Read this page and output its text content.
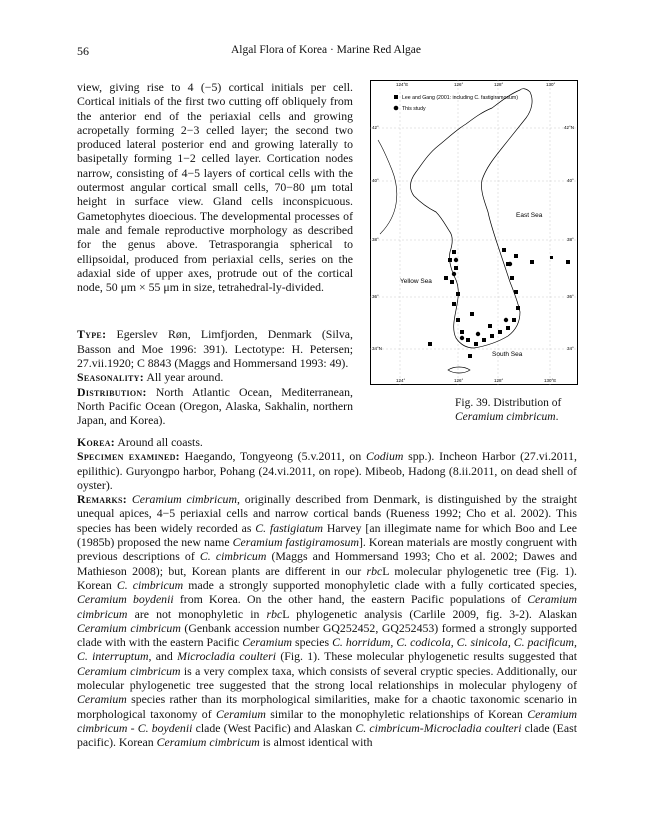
56	Algal Flora of Korea · Marine Red Algae

view, giving rise to 4 (−5) cortical initials per cell. Cortical initials of the first two cutting off obliquely from the anterior end of the periaxial cells and growing acropetally forming 2−3 celled layer; the second two produced lateral posterior end and growing laterally to basipetally forming 1−2 celled layer. Cortication nodes narrow, consisting of 4−5 layers of cortical cells with the outermost angular cortical small cells, 70−80 μm total height in surface view. Gland cells inconspicuous. Gametophytes dioecious. The developmental processes of male and female reproductive morphology as described for the genus above. Tetrasporangia spherical to ellipsoidal, produced from periaxial cells, series on the adaxial side of upper axes, protrude out of the cortical node, 50 μm × 55 μm in size, tetrahedral-ly-divided.

Type: Egerslev Røn, Limfjorden, Denmark (Silva, Basson and Moe 1996: 391). Lectotype: H. Petersen; 27.vii.1920; C 8843 (Maggs and Hommersand 1993: 49).

Seasonality: All year around.

Distribution: North Atlantic Ocean, Mediterranean, North Pacific Ocean (Oregon, Alaska, Sakhalin, northern Japan, and Korea).

124°E	126°	128°	130°
124°	126°	128°	130°E
42°
40°
38°
36°
34°N
42°N
40°
38°
36°
34°
Lee and Gang (2001: including C. fastigiramosum)
This study
East Sea
Yellow Sea
South Sea
Fig. 39. Distribution of Ceramium cimbricum.

Korea: Around all coasts.

Specimen examined: Haegando, Tongyeong (5.v.2011, on Codium spp.). Incheon Harbor (27.vi.2011, epilithic). Guryongpo harbor, Pohang (24.vi.2011, on rope). Mibeob, Hadong (8.ii.2011, on dead shell of oyster).

Remarks: Ceramium cimbricum, originally described from Denmark, is distinguished by the straight unequal apices, 4−5 periaxial cells and narrow cortical bands (Rueness 1992; Cho et al. 2002). This species has been widely recorded as C. fastigiatum Harvey [an illegimate name for which Boo and Lee (1985b) proposed the new name Ceramium fastigiramosum]. Korean materials are mostly congruent with previous descriptions of C. cimbricum (Maggs and Hommersand 1993; Cho et al. 2002; Dawes and Mathieson 2008); but, Korean plants are different in our rbcL molecular phylogenetic tree (Fig. 1). Korean C. cimbricum made a strongly supported monophyletic clade with a fully corticated species, Ceramium boydenii from Korea. On the other hand, the eastern Pacific populations of Ceramium cimbricum are not monophyletic in rbcL phylogenetic analysis (Carlile 2009, fig. 3-2). Alaskan Ceramium cimbricum (Genbank accession number GQ252452, GQ252453) formed a strongly supported clade with with the eastern Pacific Ceramium species C. horridum, C. codicola, C. sinicola, C. pacificum, C. interruptum, and Microcladia coulteri (Fig. 1). These molecular phylogenetic results suggested that Ceramium cimbricum is a very complex taxa, which consists of several cryptic species. Additionally, our molecular phylogenetic tree suggested that the strong local relationships in molecular phylogeny of Ceramium species rather than its morphological similarities, make for a chaotic taxonomic scenario in morphological taxonomy of Ceramium similar to the monophyletic relationships of Korean Ceramium cimbricum - C. boydenii clade (West Pacific) and Alaskan C. cimbricum-Microcladia coulteri clade (East pacific). Korean Ceramium cimbricum is almost identical with
